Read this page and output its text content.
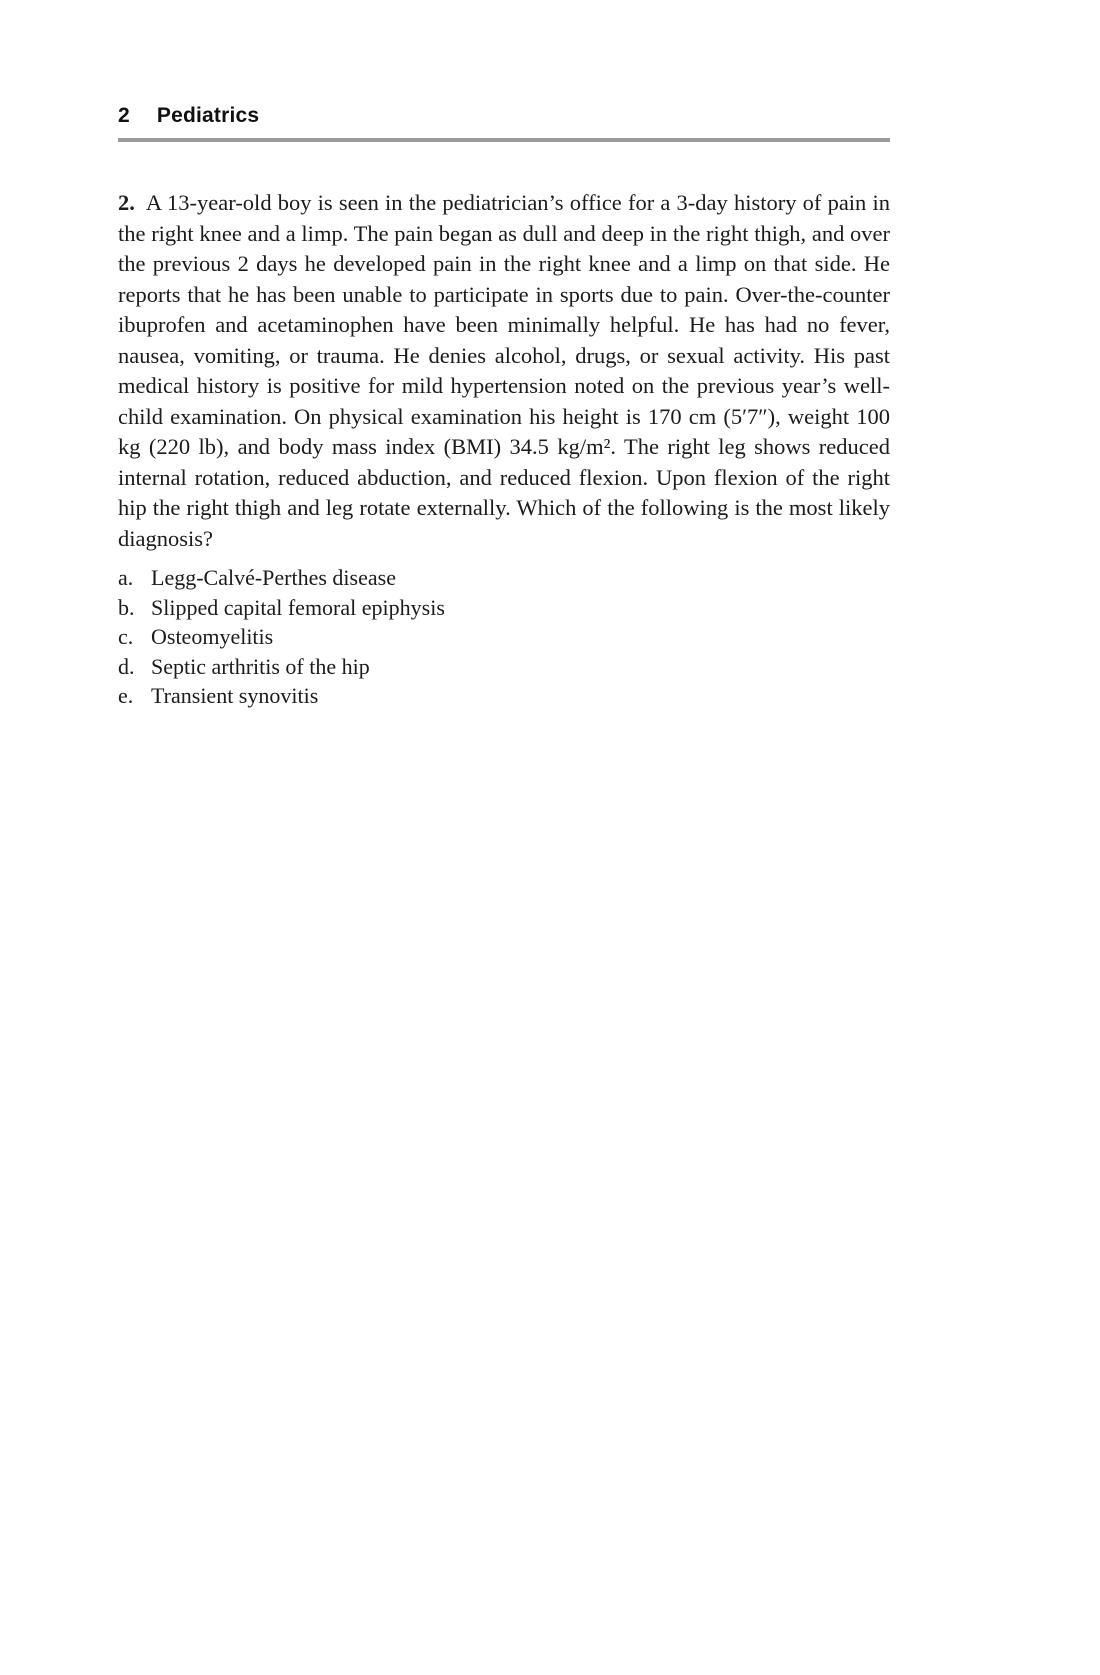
2 Pediatrics

2. A 13-year-old boy is seen in the pediatrician’s office for a 3-day history of pain in the right knee and a limp. The pain began as dull and deep in the right thigh, and over the previous 2 days he developed pain in the right knee and a limp on that side. He reports that he has been unable to participate in sports due to pain. Over-the-counter ibuprofen and acetaminophen have been minimally helpful. He has had no fever, nausea, vomiting, or trauma. He denies alcohol, drugs, or sexual activity. His past medical history is positive for mild hypertension noted on the previous year’s well-child examination. On physical examination his height is 170 cm (5′7″), weight 100 kg (220 lb), and body mass index (BMI) 34.5 kg/m². The right leg shows reduced internal rotation, reduced abduction, and reduced flexion. Upon flexion of the right hip the right thigh and leg rotate externally. Which of the following is the most likely diagnosis?

a. Legg-Calvé-Perthes disease
b. Slipped capital femoral epiphysis
c. Osteomyelitis
d. Septic arthritis of the hip
e. Transient synovitis
